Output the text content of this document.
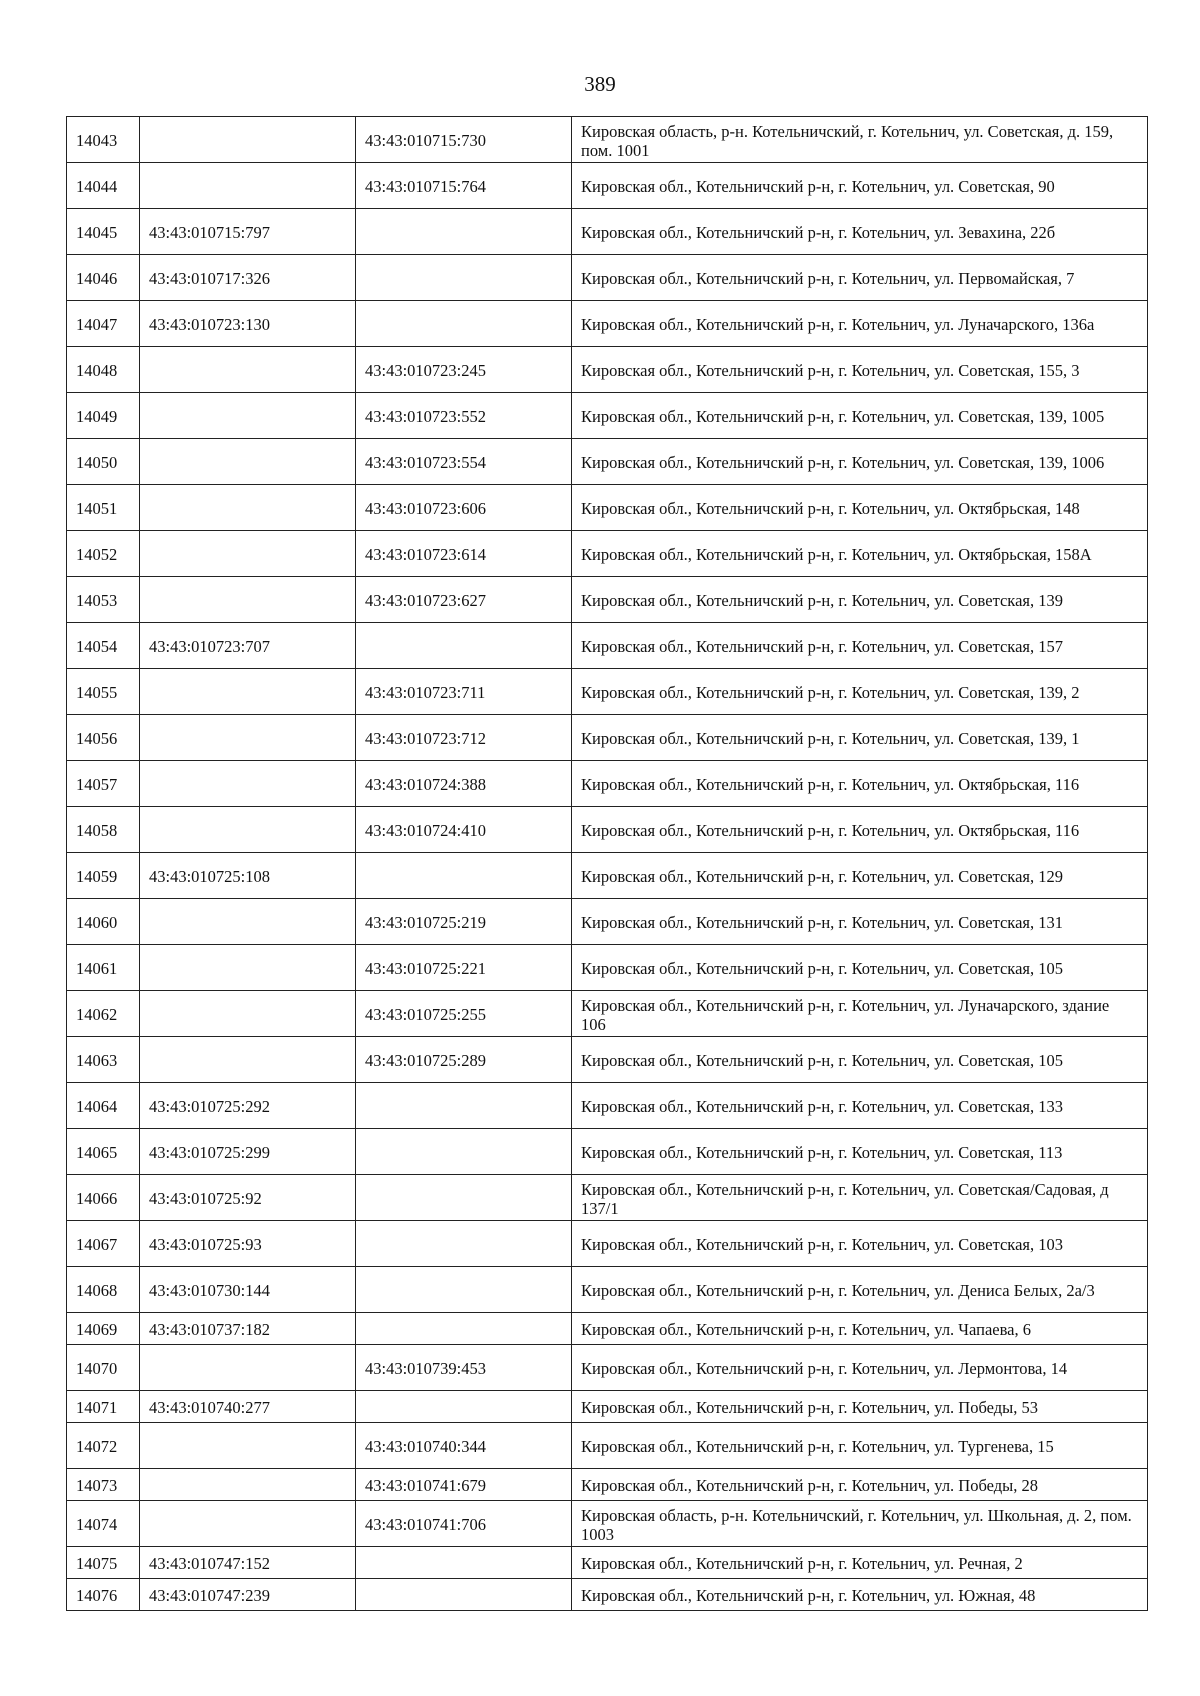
389
14043		43:43:010715:730	Кировская область, р-н. Котельничский, г. Котельнич, ул. Советская, д. 159, пом. 1001
14044		43:43:010715:764	Кировская обл., Котельничский р-н, г. Котельнич, ул. Советская, 90
14045	43:43:010715:797		Кировская обл., Котельничский р-н, г. Котельнич, ул. Зевахина, 22б
14046	43:43:010717:326		Кировская обл., Котельничский р-н, г. Котельнич, ул. Первомайская, 7
14047	43:43:010723:130		Кировская обл., Котельничский р-н, г. Котельнич, ул. Луначарского, 136а
14048		43:43:010723:245	Кировская обл., Котельничский р-н, г. Котельнич, ул. Советская, 155, 3
14049		43:43:010723:552	Кировская обл., Котельничский р-н, г. Котельнич, ул. Советская, 139, 1005
14050		43:43:010723:554	Кировская обл., Котельничский р-н, г. Котельнич, ул. Советская, 139, 1006
14051		43:43:010723:606	Кировская обл., Котельничский р-н, г. Котельнич, ул. Октябрьская, 148
14052		43:43:010723:614	Кировская обл., Котельничский р-н, г. Котельнич, ул. Октябрьская, 158А
14053		43:43:010723:627	Кировская обл., Котельничский р-н, г. Котельнич, ул. Советская, 139
14054	43:43:010723:707		Кировская обл., Котельничский р-н, г. Котельнич, ул. Советская, 157
14055		43:43:010723:711	Кировская обл., Котельничский р-н, г. Котельнич, ул. Советская, 139, 2
14056		43:43:010723:712	Кировская обл., Котельничский р-н, г. Котельнич, ул. Советская, 139, 1
14057		43:43:010724:388	Кировская обл., Котельничский р-н, г. Котельнич, ул. Октябрьская, 116
14058		43:43:010724:410	Кировская обл., Котельничский р-н, г. Котельнич, ул. Октябрьская, 116
14059	43:43:010725:108		Кировская обл., Котельничский р-н, г. Котельнич, ул. Советская, 129
14060		43:43:010725:219	Кировская обл., Котельничский р-н, г. Котельнич, ул. Советская, 131
14061		43:43:010725:221	Кировская обл., Котельничский р-н, г. Котельнич, ул. Советская, 105
14062		43:43:010725:255	Кировская обл., Котельничский р-н, г. Котельнич, ул. Луначарского, здание 106
14063		43:43:010725:289	Кировская обл., Котельничский р-н, г. Котельнич, ул. Советская, 105
14064	43:43:010725:292		Кировская обл., Котельничский р-н, г. Котельнич, ул. Советская, 133
14065	43:43:010725:299		Кировская обл., Котельничский р-н, г. Котельнич, ул. Советская, 113
14066	43:43:010725:92		Кировская обл., Котельничский р-н, г. Котельнич, ул. Советская/Садовая, д 137/1
14067	43:43:010725:93		Кировская обл., Котельничский р-н, г. Котельнич, ул. Советская, 103
14068	43:43:010730:144		Кировская обл., Котельничский р-н, г. Котельнич, ул. Дениса Белых, 2а/3
14069	43:43:010737:182		Кировская обл., Котельничский р-н, г. Котельнич, ул. Чапаева, 6
14070		43:43:010739:453	Кировская обл., Котельничский р-н, г. Котельнич, ул. Лермонтова, 14
14071	43:43:010740:277		Кировская обл., Котельничский р-н, г. Котельнич, ул. Победы, 53
14072		43:43:010740:344	Кировская обл., Котельничский р-н, г. Котельнич, ул. Тургенева, 15
14073		43:43:010741:679	Кировская обл., Котельничский р-н, г. Котельнич, ул. Победы, 28
14074		43:43:010741:706	Кировская область, р-н. Котельничский, г. Котельнич, ул. Школьная, д. 2, пом. 1003
14075	43:43:010747:152		Кировская обл., Котельничский р-н, г. Котельнич, ул. Речная, 2
14076	43:43:010747:239		Кировская обл., Котельничский р-н, г. Котельнич, ул. Южная, 48
